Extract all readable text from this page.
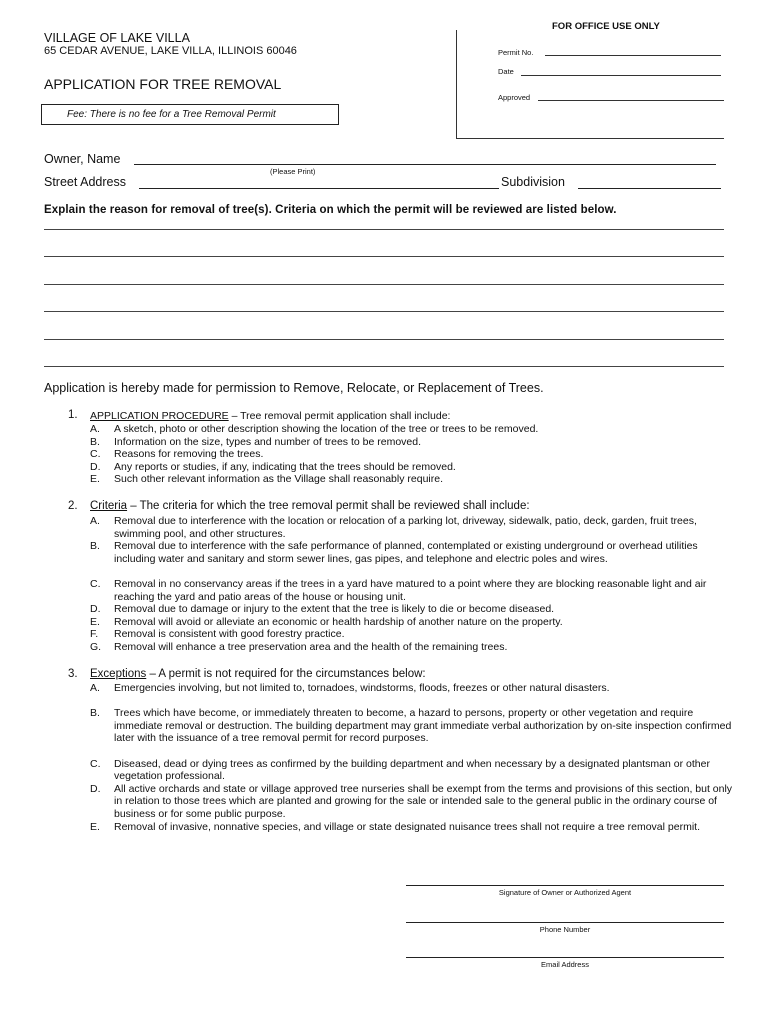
VILLAGE OF LAKE VILLA
65 CEDAR AVENUE, LAKE VILLA, ILLINOIS 60046
APPLICATION FOR TREE REMOVAL
Fee: There is no fee for a Tree Removal Permit
FOR OFFICE USE ONLY
Permit No.
Date
Approved
Owner, Name
(Please Print)
Street Address	Subdivision
Explain the reason for removal of tree(s). Criteria on which the permit will be reviewed are listed below.
Application is hereby made for permission to Remove, Relocate, or Replacement of Trees.
1. APPLICATION PROCEDURE – Tree removal permit application shall include:
A. A sketch, photo or other description showing the location of the tree or trees to be removed.
B. Information on the size, types and number of trees to be removed.
C. Reasons for removing the trees.
D. Any reports or studies, if any, indicating that the trees should be removed.
E. Such other relevant information as the Village shall reasonably require.
2. Criteria – The criteria for which the tree removal permit shall be reviewed shall include:
A. Removal due to interference with the location or relocation of a parking lot, driveway, sidewalk, patio, deck, garden, fruit trees, swimming pool, and other structures.
B. Removal due to interference with the safe performance of planned, contemplated or existing underground or overhead utilities including water and sanitary and storm sewer lines, gas pipes, and telephone and electric poles and wires.
C. Removal in no conservancy areas if the trees in a yard have matured to a point where they are blocking reasonable light and air reaching the yard and patio areas of the house or housing unit.
D. Removal due to damage or injury to the extent that the tree is likely to die or become diseased.
E. Removal will avoid or alleviate an economic or health hardship of another nature on the property.
F. Removal is consistent with good forestry practice.
G. Removal will enhance a tree preservation area and the health of the remaining trees.
3. Exceptions – A permit is not required for the circumstances below:
A. Emergencies involving, but not limited to, tornadoes, windstorms, floods, freezes or other natural disasters.
B. Trees which have become, or immediately threaten to become, a hazard to persons, property or other vegetation and require immediate removal or destruction. The building department may grant immediate verbal authorization by on-site inspection confirmed later with the issuance of a tree removal permit for record purposes.
C. Diseased, dead or dying trees as confirmed by the building department and when necessary by a designated plantsman or other vegetation professional.
D. All active orchards and state or village approved tree nurseries shall be exempt from the terms and provisions of this section, but only in relation to those trees which are planted and growing for the sale or intended sale to the general public in the ordinary course of business or for some public purpose.
E. Removal of invasive, nonnative species, and village or state designated nuisance trees shall not require a tree removal permit.
Signature of Owner or Authorized Agent
Phone Number
Email Address
